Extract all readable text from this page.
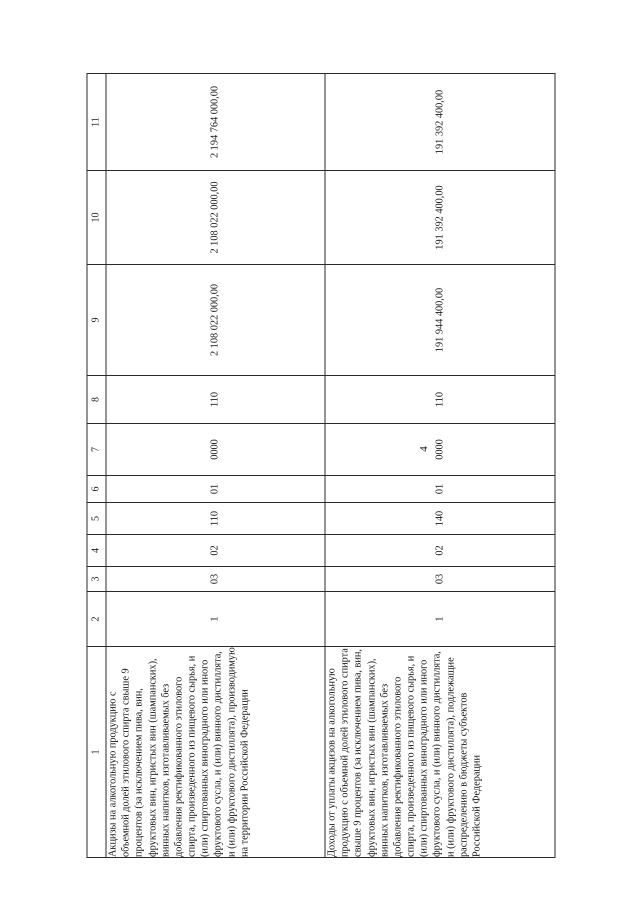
4
1	2	3	4	5	6	7	8	9	10	11
Акцизы на алкогольную продукцию с объемной долей этилового спирта свыше 9 процентов (за исключением пива, вин, фруктовых вин, игристых вин (шампанских), винных напитков, изготавливаемых без добавления ректификованного этилового спирта, произведенного из пищевого сырья, и (или) спиртованных виноградного или иного фруктового сусла, и (или) винного дистиллята, и (или) фруктового дистиллята), производимую на территории Российской Федерации	1	03	02	110	01	0000	110	2 108 022 000,00	2 108 022 000,00	2 194 764 000,00
Доходы от уплаты акцизов на алкогольную продукцию с объемной долей этилового спирта свыше 9 процентов (за исключением пива, вин, фруктовых вин, игристых вин (шампанских), винных напитков, изготавливаемых без добавления ректификованного этилового спирта, произведенного из пищевого сырья, и (или) спиртованных виноградного или иного фруктового сусла, и (или) винного дистиллята, и (или) фруктового дистиллята), подлежащие распределению в бюджеты субъектов Российской Федерации	1	03	02	140	01	0000	110	191 944 400,00	191 392 400,00	191 392 400,00
